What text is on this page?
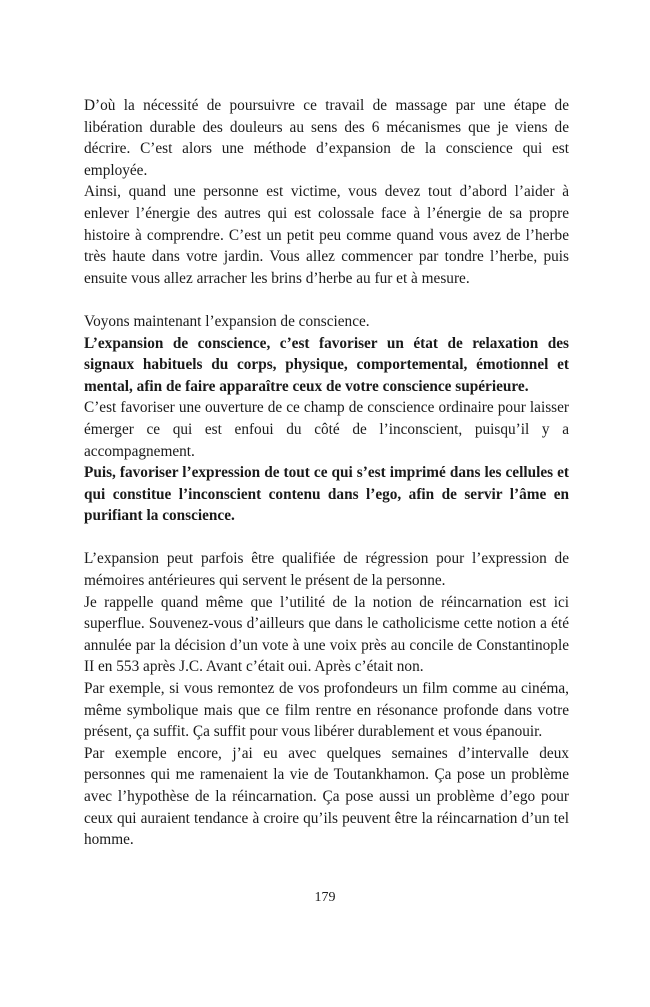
D’où la nécessité de poursuivre ce travail de massage par une étape de libération durable des douleurs au sens des 6 mécanismes que je viens de décrire. C’est alors une méthode d’expansion de la conscience qui est employée.

Ainsi, quand une personne est victime, vous devez tout d’abord l’aider à enlever l’énergie des autres qui est colossale face à l’énergie de sa propre histoire à comprendre. C’est un petit peu comme quand vous avez de l’herbe très haute dans votre jardin. Vous allez commencer par tondre l’herbe, puis ensuite vous allez arracher les brins d’herbe au fur et à mesure.

Voyons maintenant l’expansion de conscience.

L’expansion de conscience, c’est favoriser un état de relaxation des signaux habituels du corps, physique, comportemental, émotionnel et mental, afin de faire apparaître ceux de votre conscience supérieure.

C’est favoriser une ouverture de ce champ de conscience ordinaire pour laisser émerger ce qui est enfoui du côté de l’inconscient, puisqu’il y a accompagnement.

Puis, favoriser l’expression de tout ce qui s’est imprimé dans les cellules et qui constitue l’inconscient contenu dans l’ego, afin de servir l’âme en purifiant la conscience.

L’expansion peut parfois être qualifiée de régression pour l’expression de mémoires antérieures qui servent le présent de la personne.

Je rappelle quand même que l’utilité de la notion de réincarnation est ici superflue. Souvenez-vous d’ailleurs que dans le catholicisme cette notion a été annulée par la décision d’un vote à une voix près au concile de Constantinople II en 553 après J.C. Avant c’était oui. Après c’était non.

Par exemple, si vous remontez de vos profondeurs un film comme au cinéma, même symbolique mais que ce film rentre en résonance profonde dans votre présent, ça suffit. Ça suffit pour vous libérer durablement et vous épanouir.

Par exemple encore, j’ai eu avec quelques semaines d’intervalle deux personnes qui me ramenaient la vie de Toutankhamon. Ça pose un problème avec l’hypothèse de la réincarnation. Ça pose aussi un problème d’ego pour ceux qui auraient tendance à croire qu’ils peuvent être la réincarnation d’un tel homme.

179
